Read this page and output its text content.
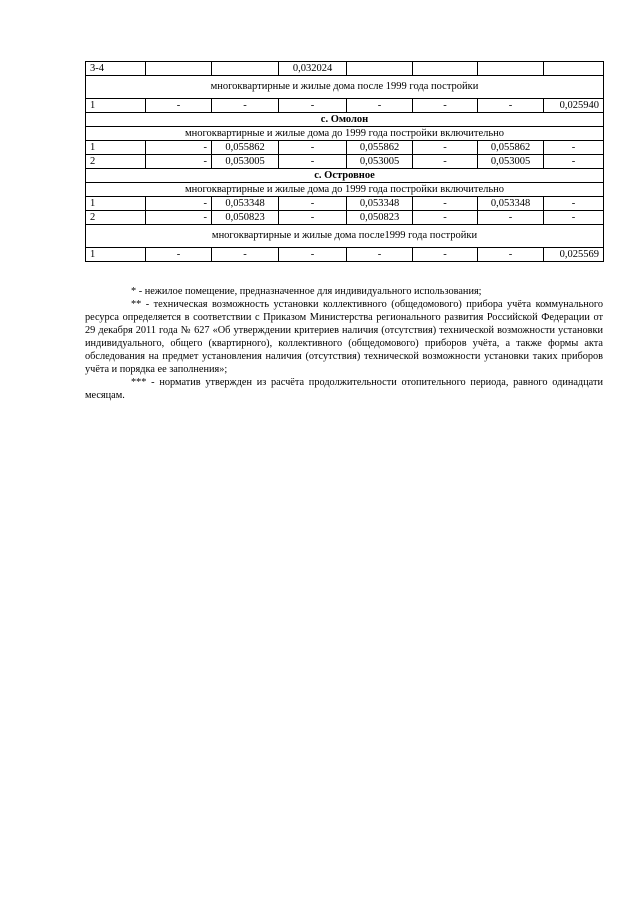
3-4			0,032024				
многоквартирные и жилые дома после 1999 года постройки							
1	-	-	-	-	-	-	0,025940
с. Омолон							
многоквартирные и жилые дома до 1999 года постройки включительно							
1	-	0,055862	-	0,055862	-	0,055862	-
2	-	0,053005	-	0,053005	-	0,053005	-
с. Островное							
многоквартирные и жилые дома до 1999 года постройки включительно							
1	-	0,053348	-	0,053348	-	0,053348	-
2	-	0,050823	-	0,050823	-	-	-
многоквартирные и жилые дома после1999 года постройки							
1	-	-	-	-	-	-	0,025569

* - нежилое помещение, предназначенное для индивидуального использования;

** - техническая возможность установки коллективного (общедомового) прибора учёта коммунального ресурса определяется в соответствии с Приказом Министерства регионального развития Российской Федерации от 29 декабря 2011 года № 627 «Об утверждении критериев наличия (отсутствия) технической возможности установки индивидуального, общего (квартирного), коллективного (общедомового) приборов учёта, а также формы акта обследования на предмет установления наличия (отсутствия) технической возможности установки таких приборов учёта и порядка ее заполнения»;

*** - норматив утвержден из расчёта продолжительности отопительного периода, равного одинадцати месяцам.
